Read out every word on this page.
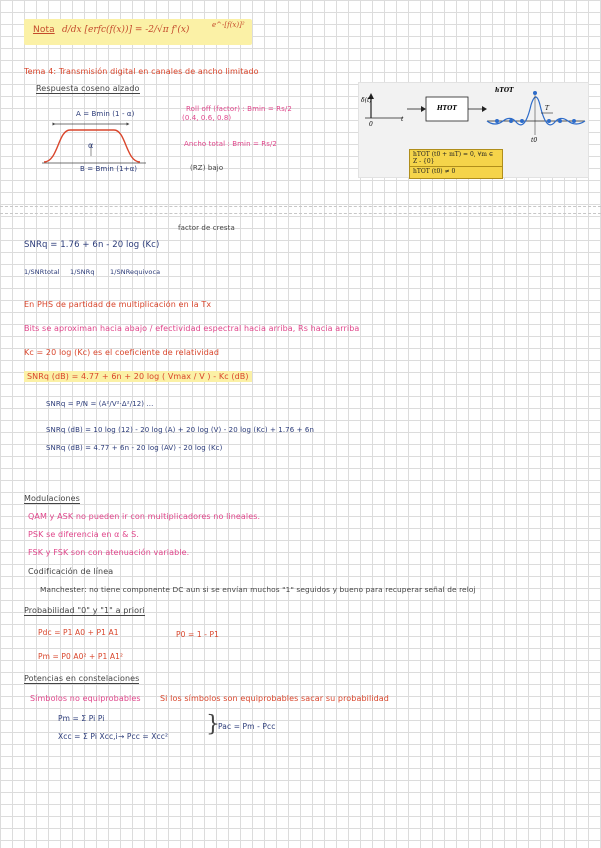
Nota d/dx [erfc(f(x))] = -2/√π f'(x)	e^-[f(x)]²
Tema 4: Transmisión digital en canales de ancho limitado
Respuesta coseno alzado
A = Bmin (1 - α)
α
B = Bmin (1+α)
Roll off (factor) : Bmin = Rs/2
(0.4, 0.6, 0.8)
Ancho total : Bmin = Rs/2
(RZ) bajo
δ(t)
t
0
HTOT
hTOT
T
t0
hTOT (t0 + mT) = 0, ∀m ∈ Z - {0}
hTOT (t0) ≠ 0
factor de cresta
SNRq = 1.76 + 6n - 20 log (Kc)
1/SNRtotal 1/SNRq 1/SNRequivoca
En PHS de partidad de multiplicación en la Tx
Bits se aproximan hacia abajo / efectividad espectral hacia arriba, Rs hacia arriba
Kc = 20 log (Kc) es el coeficiente de relatividad
SNRq (dB) = 4.77 + 6n + 20 log ( Vmax / V ) - Kc (dB)
SNRq = P/N = (A²/V²·Δ²/12) ...
SNRq (dB) = 10 log (12) - 20 log (A) + 20 log (V) - 20 log (Kc) + 1.76 + 6n
SNRq (dB) = 4.77 + 6n - 20 log (AV) - 20 log (Kc)
Modulaciones
QAM y ASK no pueden ir con multiplicadores no lineales.
PSK se diferencia en α & S.
FSK y FSK son con atenuación variable.
Codificación de línea
Manchester: no tiene componente DC aun si se envían muchos "1" seguidos y bueno para recuperar señal de reloj
Probabilidad "0" y "1" a priori
Pdc = P1 A0 + P1 A1	P0 = 1 - P1
Pm = P0 A0² + P1 A1²
Potencias en constelaciones
Símbolos no equiprobables Si los símbolos son equiprobables sacar su probabilidad
Pm = Σ Pi Pi
Xcc = Σ Pi Xcc,i → Pcc = Xcc²
Pac = Pm - Pcc
}
